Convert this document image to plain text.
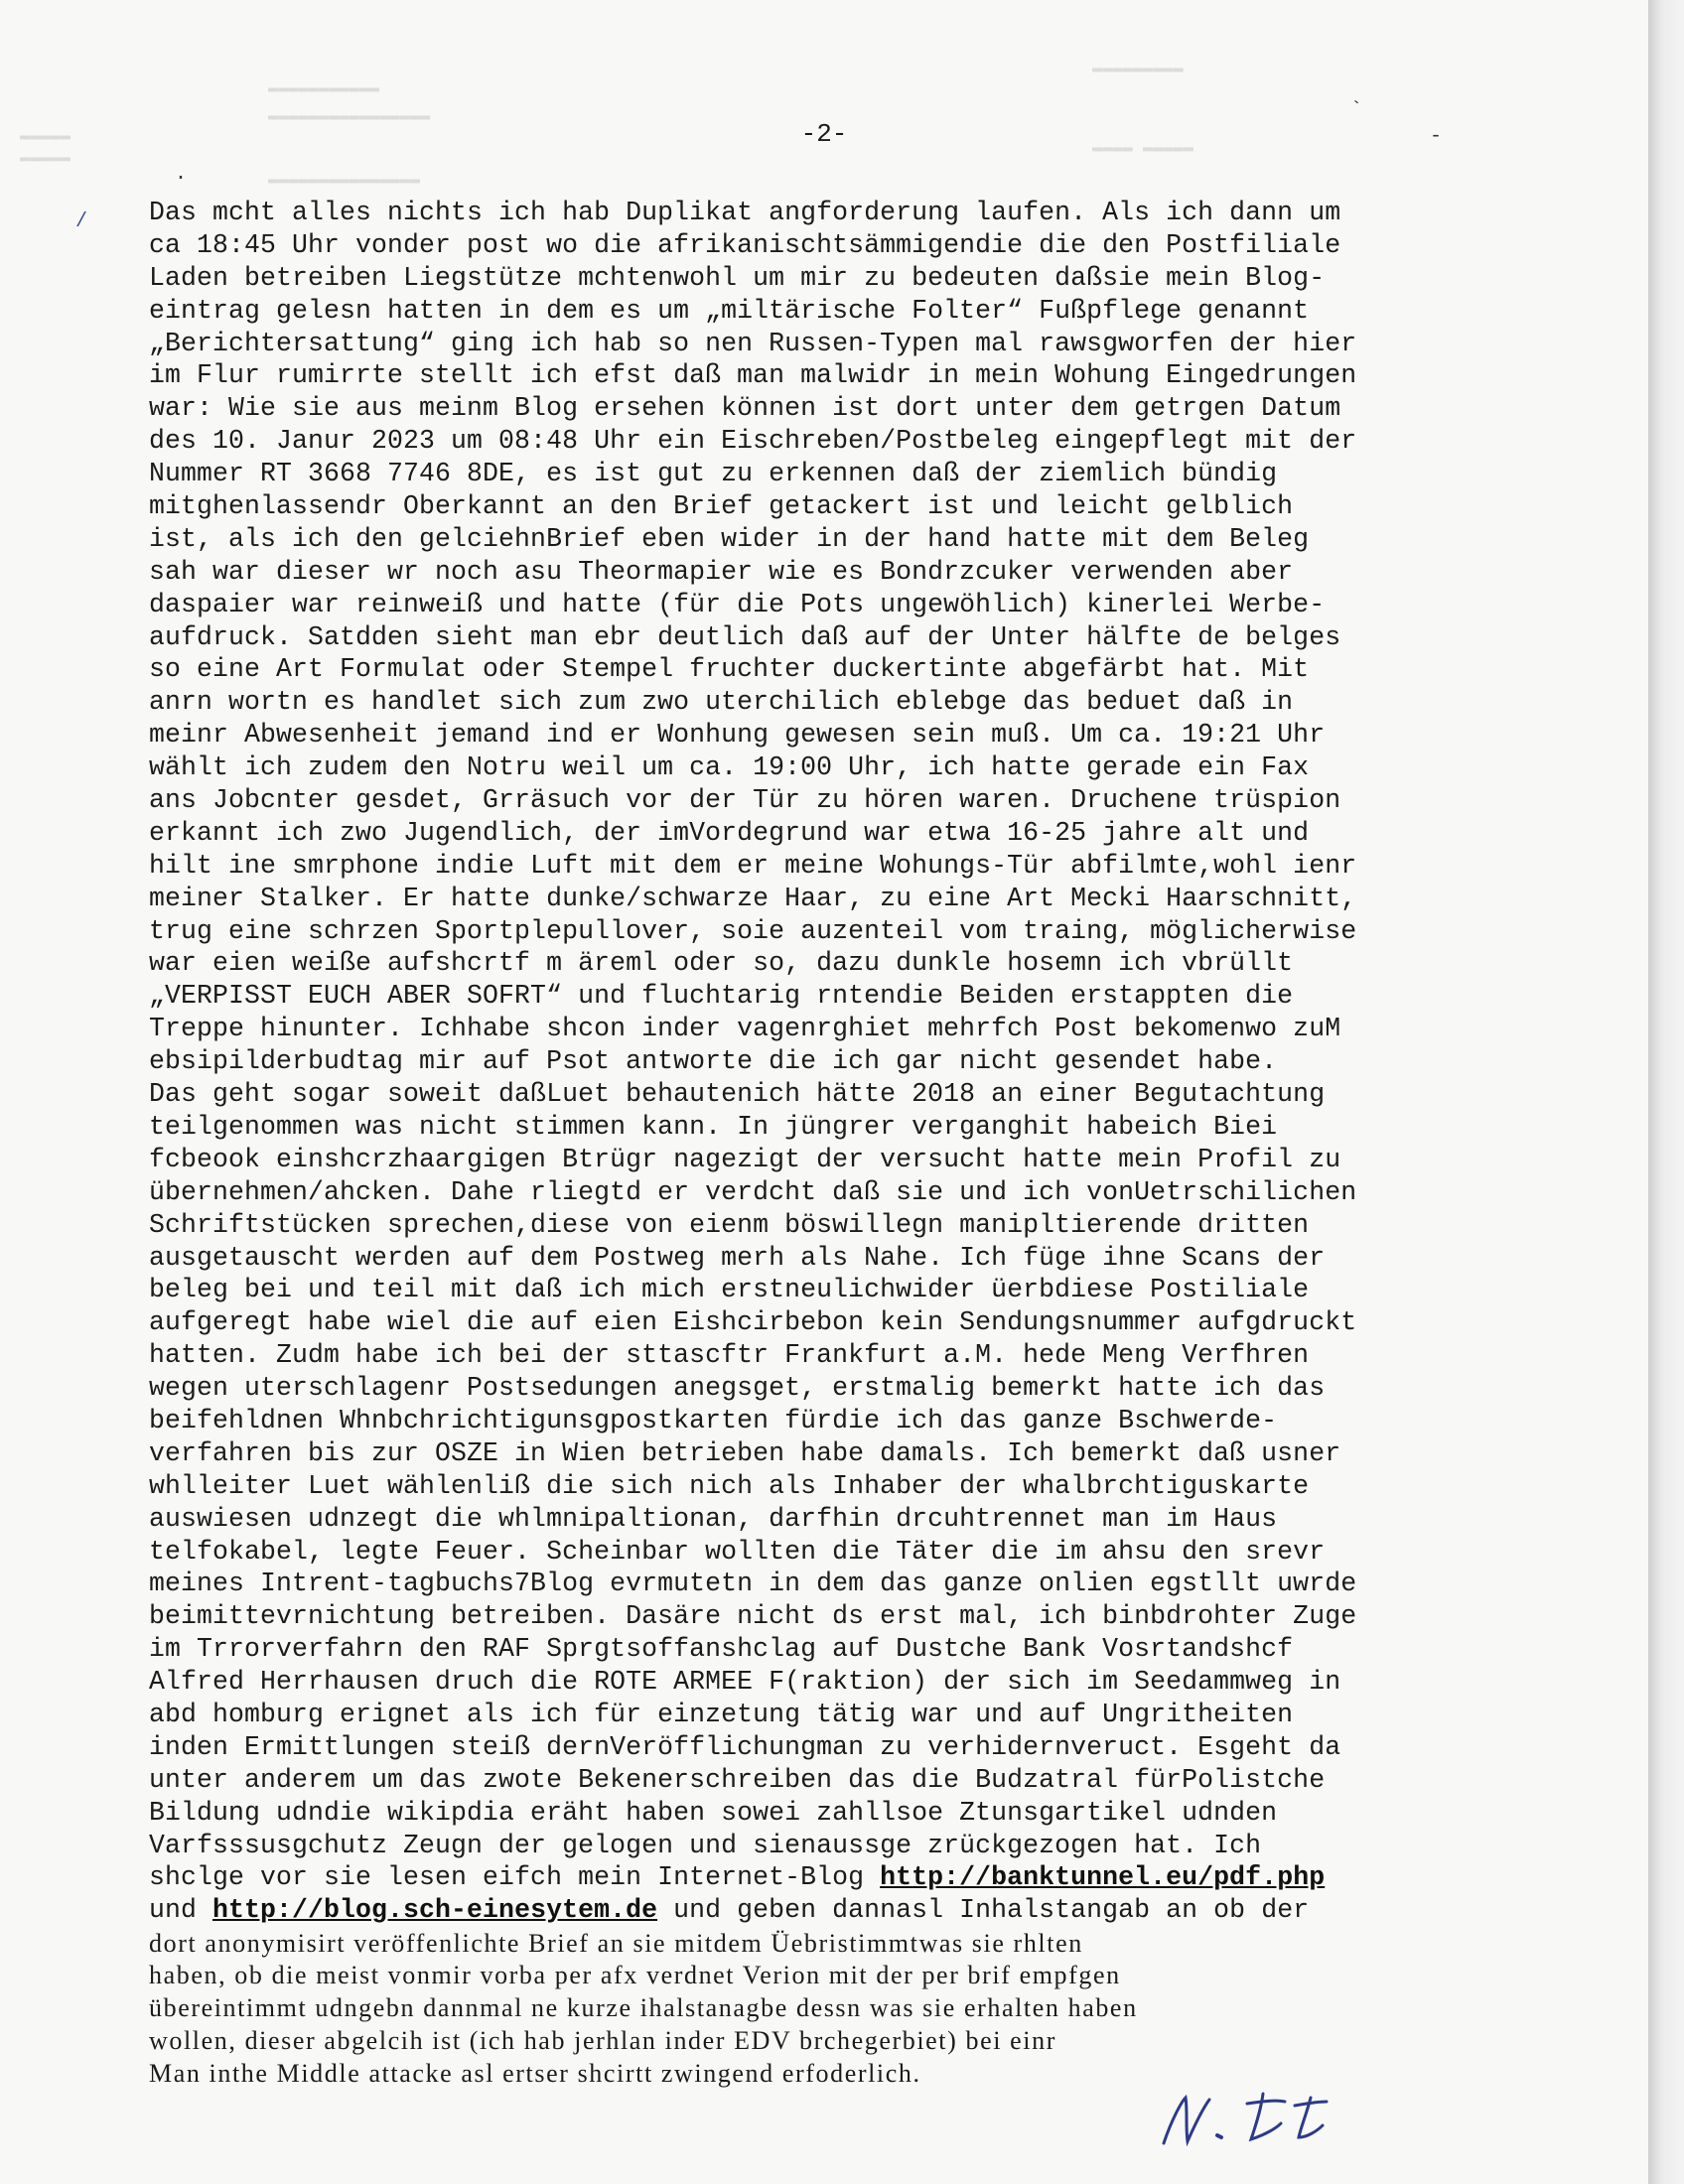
▬▬▬▬▬▬▬▬▬▬▬
▬▬▬▬▬▬▬▬▬▬▬▬▬▬▬▬
▬▬▬▬▬
▬▬▬▬▬
▬▬▬▬▬▬▬▬▬▬▬▬▬▬▬
▬▬▬▬▬▬▬▬▬
▬▬▬▬ ▬▬▬▬▬
`
-
·
/
-2-
Das mcht alles nichts ich hab Duplikat angforderung laufen. Als ich dann um
ca 18:45 Uhr vonder post wo die afrikanischtsämmigendie die den Postfiliale
Laden betreiben Liegstütze mchtenwohl um mir zu bedeuten daßsie mein Blog-
eintrag gelesn hatten in dem es um „miltärische Folter“ Fußpflege genannt
„Berichtersattung“ ging ich hab so nen Russen-Typen mal rawsgworfen der hier
im Flur rumirrte stellt ich efst daß man malwidr in mein Wohung Eingedrungen
war: Wie sie aus meinm Blog ersehen können ist dort unter dem getrgen Datum
des 10. Janur 2023 um 08:48 Uhr ein Eischreben/Postbeleg eingepflegt mit der
Nummer RT 3668 7746 8DE, es ist gut zu erkennen daß der ziemlich bündig
mitghenlassendr Oberkannt an den Brief getackert ist und leicht gelblich
ist, als ich den gelciehnBrief eben wider in der hand hatte mit dem Beleg
sah war dieser wr noch asu Theormapier wie es Bondrzcuker verwenden aber
daspaier war reinweiß und hatte (für die Pots ungewöhlich) kinerlei Werbe-
aufdruck. Satdden sieht man ebr deutlich daß auf der Unter hälfte de belges
so eine Art Formulat oder Stempel fruchter duckertinte abgefärbt hat. Mit
anrn wortn es handlet sich zum zwo uterchilich eblebge das beduet daß in
meinr Abwesenheit jemand ind er Wonhung gewesen sein muß. Um ca. 19:21 Uhr
wählt ich zudem den Notru weil um ca. 19:00 Uhr, ich hatte gerade ein Fax
ans Jobcnter gesdet, Grräsuch vor der Tür zu hören waren. Druchene trüspion
erkannt ich zwo Jugendlich, der imVordegrund war etwa 16-25 jahre alt und
hilt ine smrphone indie Luft mit dem er meine Wohungs-Tür abfilmte,wohl ienr
meiner Stalker. Er hatte dunke/schwarze Haar, zu eine Art Mecki Haarschnitt,
trug eine schrzen Sportplepullover, soie auzenteil vom traing, möglicherwise
war eien weiße aufshcrtf m äreml oder so, dazu dunkle hosemn ich vbrüllt
„VERPISST EUCH ABER SOFRT“ und fluchtarig rntendie Beiden erstappten die
Treppe hinunter. Ichhabe shcon inder vagenrghiet mehrfch Post bekomenwo zuM
ebsipilderbudtag mir auf Psot antworte die ich gar nicht gesendet habe.
Das geht sogar soweit daßLuet behautenich hätte 2018 an einer Begutachtung
teilgenommen was nicht stimmen kann. In jüngrer verganghit habeich Biei
fcbeook einshcrzhaargigen Btrügr nagezigt der versucht hatte mein Profil zu
übernehmen/ahcken. Dahe rliegtd er verdcht daß sie und ich vonUetrschilichen
Schriftstücken sprechen,diese von eienm böswillegn manipltierende dritten
ausgetauscht werden auf dem Postweg merh als Nahe. Ich füge ihne Scans der
beleg bei und teil mit daß ich mich erstneulichwider üerbdiese Postiliale
aufgeregt habe wiel die auf eien Eishcirbebon kein Sendungsnummer aufgdruckt
hatten. Zudm habe ich bei der sttascftr Frankfurt a.M. hede Meng Verfhren
wegen uterschlagenr Postsedungen anegsget, erstmalig bemerkt hatte ich das
beifehldnen Whnbchrichtigunsgpostkarten fürdie ich das ganze Bschwerde-
verfahren bis zur OSZE in Wien betrieben habe damals. Ich bemerkt daß usner
whlleiter Luet wählenliß die sich nich als Inhaber der whalbrchtiguskarte
auswiesen udnzegt die whlmnipaltionan, darfhin drcuhtrennet man im Haus
telfokabel, legte Feuer. Scheinbar wollten die Täter die im ahsu den srevr
meines Intrent-tagbuchs7Blog evrmutetn in dem das ganze onlien egstllt uwrde
beimittevrnichtung betreiben. Dasäre nicht ds erst mal, ich binbdrohter Zuge
im Trrorverfahrn den RAF Sprgtsoffanshclag auf Dustche Bank Vosrtandshcf
Alfred Herrhausen druch die ROTE ARMEE F(raktion) der sich im Seedammweg in
abd homburg erignet als ich für einzetung tätig war und auf Ungritheiten
inden Ermittlungen steiß dernVeröfflichungman zu verhidernveruct. Esgeht da
unter anderem um das zwote Bekenerschreiben das die Budzatral fürPolistche
Bildung udndie wikipdia eräht haben sowei zahllsoe Ztunsgartikel udnden
Varfsssusgchutz Zeugn der gelogen und sienaussge zrückgezogen hat. Ich
shclge vor sie lesen eifch mein Internet-Blog http://banktunnel.eu/pdf.php
und http://blog.sch-einesytem.de und geben dannasl Inhalstangab an ob der
dort anonymisirt veröffenlichte Brief an sie mitdem Üebristimmtwas sie rhlten
haben, ob die meist vonmir vorba per afx verdnet Verion mit der per brif empfgen
übereintimmt udngebn dannmal ne kurze ihalstanagbe dessn was sie erhalten haben
wollen, dieser abgelcih ist (ich hab jerhlan inder EDV brchegerbiet) bei einr
Man inthe Middle attacke asl ertser shcirtt zwingend erfoderlich.
